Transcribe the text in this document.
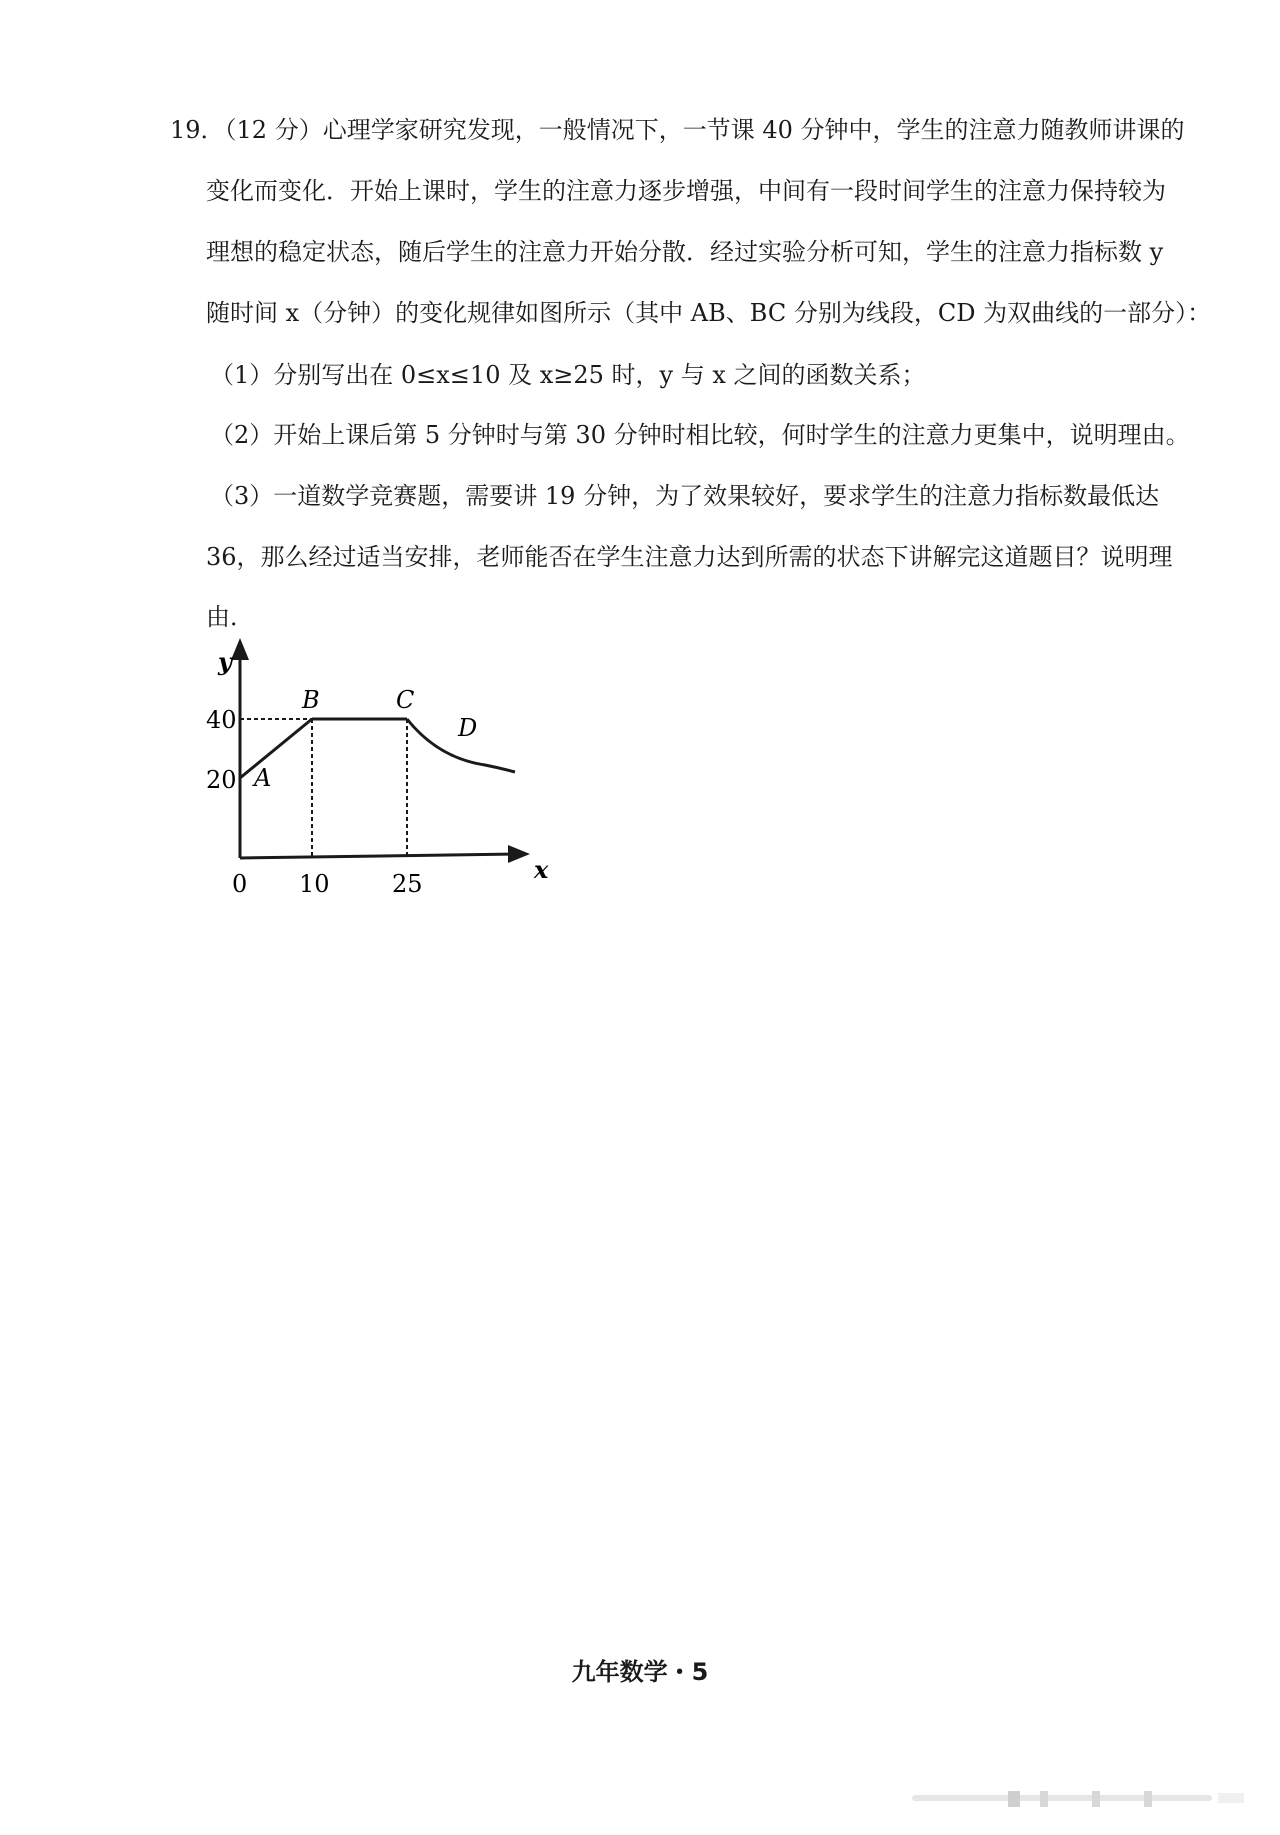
19．（12 分）心理学家研究发现，一般情况下，一节课 40 分钟中，学生的注意力随教师讲课的
变化而变化．开始上课时，学生的注意力逐步增强，中间有一段时间学生的注意力保持较为
理想的稳定状态，随后学生的注意力开始分散．经过实验分析可知，学生的注意力指标数 y
随时间 x（分钟）的变化规律如图所示（其中 AB、BC 分别为线段，CD 为双曲线的一部分）：
（1）分别写出在 0≤x≤10 及 x≥25 时，y 与 x 之间的函数关系；
（2）开始上课后第 5 分钟时与第 30 分钟时相比较，何时学生的注意力更集中，说明理由。
（3）一道数学竞赛题，需要讲 19 分钟，为了效果较好，要求学生的注意力指标数最低达
36，那么经过适当安排，老师能否在学生注意力达到所需的状态下讲解完这道题目？说明理
由．
y
x
0
40
20
10	25
A
B	C
D
九年数学・5
